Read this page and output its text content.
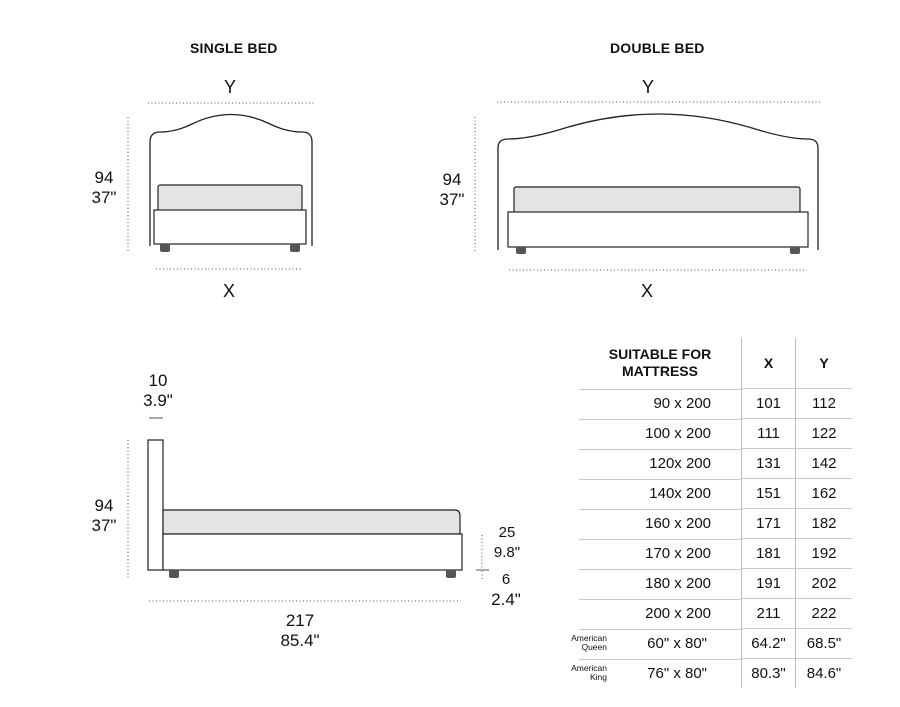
SINGLE BED
Y
94
37"
X
DOUBLE BED
Y
94
37"
X
10
3.9"
94
37"
217
85.4"
25
9.8"
6
2.4"
SUITABLE FOR MATTRESS	X	Y

90 x 200	101	112

100 x 200	111	122

120x 200	131	142

140x 200	151	162

160 x 200	171	182

170 x 200	181	192

180 x 200	191	202

200 x 200	211	222

American Queen 60" x 80"	64.2"	68.5"

American King 76" x 80"	80.3"	84.6"
